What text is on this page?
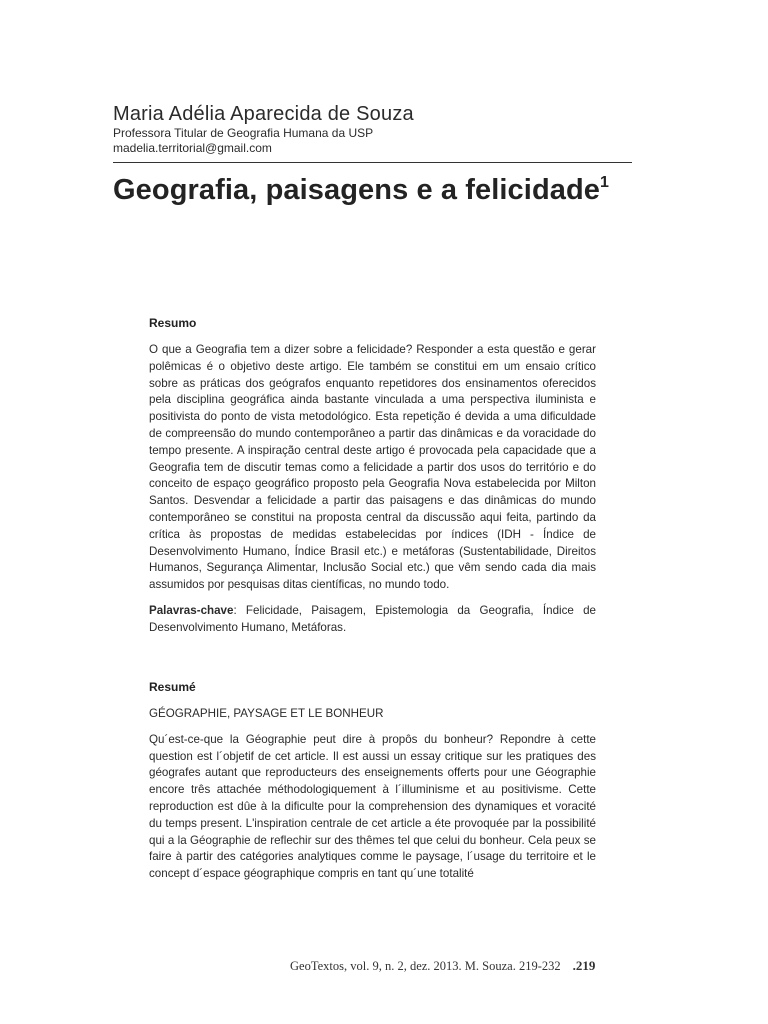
Maria Adélia Aparecida de Souza
Professora Titular de Geografia Humana da USP
madelia.territorial@gmail.com
Geografia, paisagens e a felicidade$^1$
Resumo

O que a Geografia tem a dizer sobre a felicidade? Responder a esta questão e gerar polêmicas é o objetivo deste artigo. Ele também se constitui em um ensaio crítico sobre as práticas dos geógrafos enquanto repetidores dos ensinamentos oferecidos pela disciplina geográfica ainda bastante vinculada a uma perspectiva iluminista e positivista do ponto de vista metodológico. Esta repetição é devida a uma dificuldade de compreensão do mundo contemporâneo a partir das dinâmicas e da voracidade do tempo presente. A inspiração central deste artigo é provocada pela capacidade que a Geografia tem de discutir temas como a felicidade a partir dos usos do território e do conceito de espaço geográfico proposto pela Geografia Nova estabelecida por Milton Santos. Desvendar a felicidade a partir das paisagens e das dinâmicas do mundo contemporâneo se constitui na proposta central da discussão aqui feita, partindo da crítica às propostas de medidas estabelecidas por índices (IDH - Índice de Desenvolvimento Humano, Índice Brasil etc.) e metáforas (Sustentabilidade, Direitos Humanos, Segurança Alimentar, Inclusão Social etc.) que vêm sendo cada dia mais assumidos por pesquisas ditas científicas, no mundo todo.

Palavras-chave: Felicidade, Paisagem, Epistemologia da Geografia, Índice de Desenvolvimento Humano, Metáforas.

Resumé

GÉOGRAPHIE, PAYSAGE ET LE BONHEUR

Qu´est-ce-que la Géographie peut dire à propôs du bonheur? Repondre à cette question est l´objetif de cet article. Il est aussi un essay critique sur les pratiques des géografes autant que reproducteurs des enseignements offerts pour une Géographie encore três attachée méthodologiquement à l´illuminisme et au positivisme. Cette reproduction est dûe à la dificulte pour la comprehension des dynamiques et voracité du temps present. L'inspiration centrale de cet article a éte provoquée par la possibilité qui a la Géographie de reflechir sur des thêmes tel que celui du bonheur. Cela peux se faire à partir des catégories analytiques comme le paysage, l´usage du territoire et le concept d´espace géographique compris en tant qu´une totalité

GeoTextos, vol. 9, n. 2, dez. 2013. M. Souza. 219-232 .219
